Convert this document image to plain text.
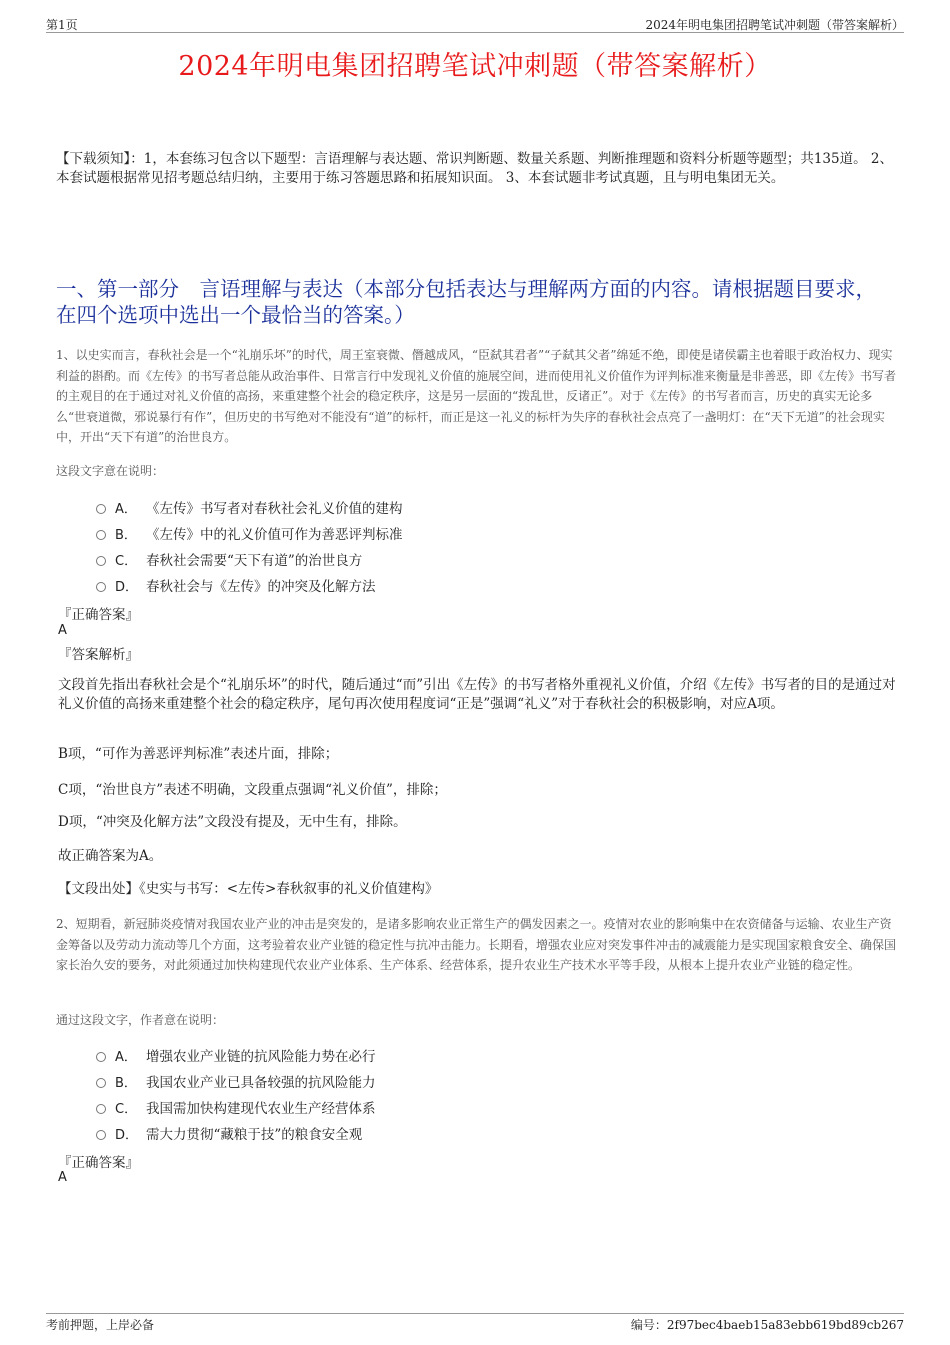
第1页	2024年明电集团招聘笔试冲刺题（带答案解析）
2024年明电集团招聘笔试冲刺题（带答案解析）
【下载须知】：1，本套练习包含以下题型：言语理解与表达题、常识判断题、数量关系题、判断推理题和资料分析题等题型；共135道。 2、本套试题根据常见招考题总结归纳，主要用于练习答题思路和拓展知识面。 3、本套试题非考试真题，且与明电集团无关。
一、第一部分　言语理解与表达（本部分包括表达与理解两方面的内容。请根据题目要求，在四个选项中选出一个最恰当的答案。）
1、以史实而言，春秋社会是一个“礼崩乐坏”的时代，周王室衰微、僭越成风，“臣弑其君者”“子弑其父者”绵延不绝，即使是诸侯霸主也着眼于政治权力、现实利益的斟酌。而《左传》的书写者总能从政治事件、日常言行中发现礼义价值的施展空间，进而使用礼义价值作为评判标准来衡量是非善恶，即《左传》书写者的主观目的在于通过对礼义价值的高扬，来重建整个社会的稳定秩序，这是另一层面的“拨乱世，反诸正”。对于《左传》的书写者而言，历史的真实无论多么“世衰道微，邪说暴行有作”，但历史的书写绝对不能没有“道”的标杆，而正是这一礼义的标杆为失序的春秋社会点亮了一盏明灯：在“天下无道”的社会现实中，开出“天下有道”的治世良方。
这段文字意在说明：
A． 《左传》书写者对春秋社会礼义价值的建构
B． 《左传》中的礼义价值可作为善恶评判标准
C． 春秋社会需要“天下有道”的治世良方
D． 春秋社会与《左传》的冲突及化解方法
『正确答案』
A
『答案解析』
文段首先指出春秋社会是个“礼崩乐坏”的时代，随后通过“而”引出《左传》的书写者格外重视礼义价值，介绍《左传》书写者的目的是通过对礼义价值的高扬来重建整个社会的稳定秩序，尾句再次使用程度词“正是”强调“礼义”对于春秋社会的积极影响，对应A项。
B项，“可作为善恶评判标准”表述片面，排除；
C项，“治世良方”表述不明确，文段重点强调“礼义价值”，排除；
D项，“冲突及化解方法”文段没有提及，无中生有，排除。
故正确答案为A。
【文段出处】《史实与书写：<左传>春秋叙事的礼义价值建构》
2、短期看，新冠肺炎疫情对我国农业产业的冲击是突发的，是诸多影响农业正常生产的偶发因素之一。疫情对农业的影响集中在农资储备与运输、农业生产资金筹备以及劳动力流动等几个方面，这考验着农业产业链的稳定性与抗冲击能力。长期看，增强农业应对突发事件冲击的减震能力是实现国家粮食安全、确保国家长治久安的要务，对此须通过加快构建现代农业产业体系、生产体系、经营体系，提升农业生产技术水平等手段，从根本上提升农业产业链的稳定性。
通过这段文字，作者意在说明：
A． 增强农业产业链的抗风险能力势在必行
B． 我国农业产业已具备较强的抗风险能力
C． 我国需加快构建现代农业生产经营体系
D． 需大力贯彻“藏粮于技”的粮食安全观
『正确答案』
A
考前押题，上岸必备	编号：2f97bec4baeb15a83ebb619bd89cb267
